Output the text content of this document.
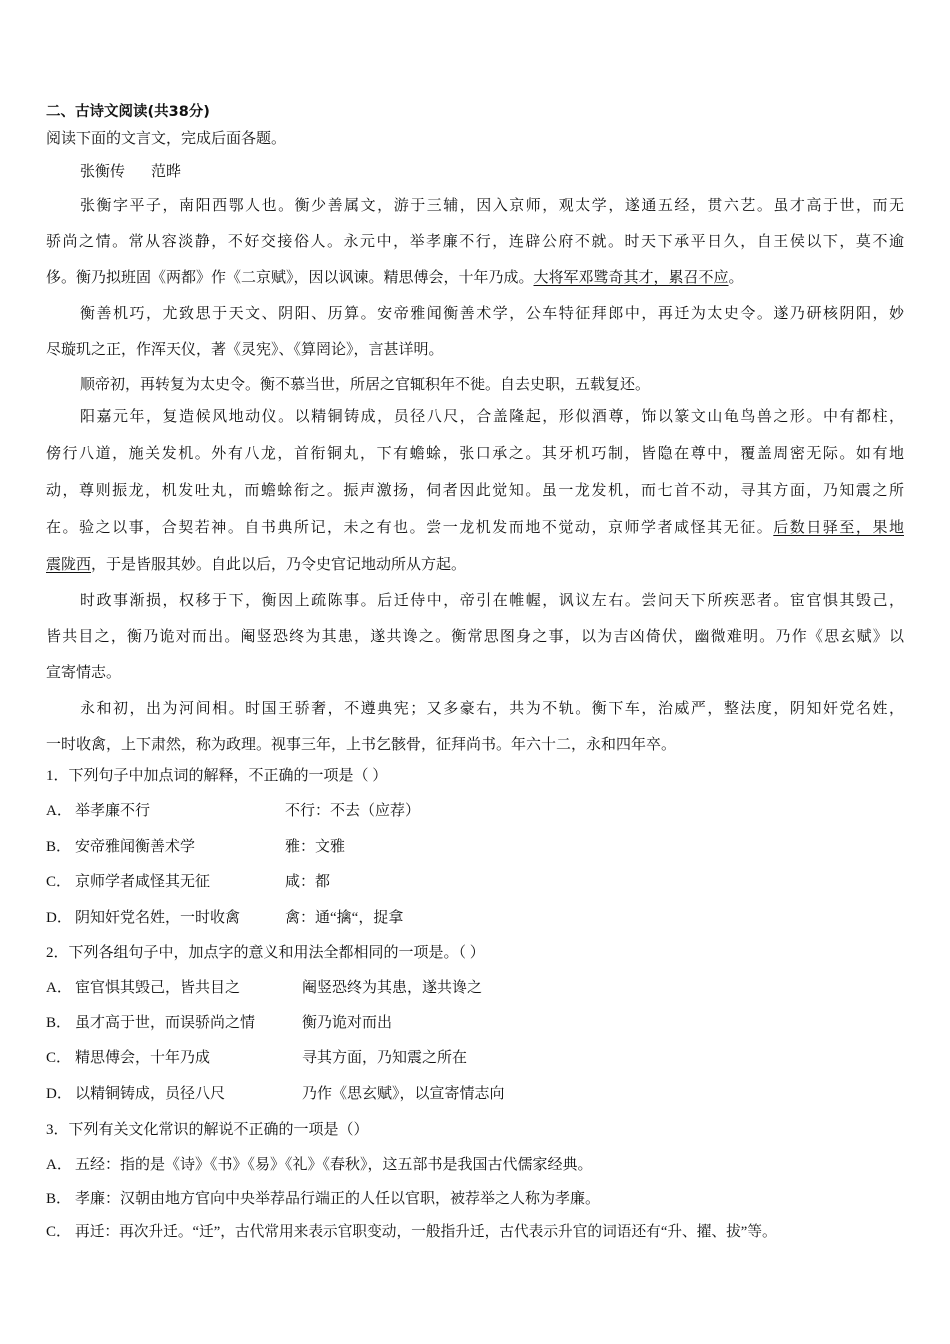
二、古诗文阅读(共38分)
阅读下面的文言文，完成后面各题。
张衡传 范晔
张衡字平子，南阳西鄂人也。衡少善属文，游于三辅，因入京师，观太学，遂通五经，贯六艺。虽才高于世，而无
骄尚之情。常从容淡静，不好交接俗人。永元中，举孝廉不行，连辟公府不就。时天下承平日久，自王侯以下，莫不逾
侈。衡乃拟班固《两都》作《二京赋》，因以讽谏。精思傅会，十年乃成。大将军邓骘奇其才，累召不应。
衡善机巧，尤致思于天文、阴阳、历算。安帝雅闻衡善术学，公车特征拜郎中，再迁为太史令。遂乃研核阴阳，妙
尽璇玑之正，作浑天仪，著《灵宪》、《算罔论》，言甚详明。
顺帝初，再转复为太史令。衡不慕当世，所居之官辄积年不徙。自去史职，五载复还。
阳嘉元年，复造候风地动仪。以精铜铸成，员径八尺，合盖隆起，形似酒尊，饰以篆文山龟鸟兽之形。中有都柱，
傍行八道，施关发机。外有八龙，首衔铜丸，下有蟾蜍，张口承之。其牙机巧制，皆隐在尊中，覆盖周密无际。如有地
动，尊则振龙，机发吐丸，而蟾蜍衔之。振声激扬，伺者因此觉知。虽一龙发机，而七首不动，寻其方面，乃知震之所
在。验之以事，合契若神。自书典所记，未之有也。尝一龙机发而地不觉动，京师学者咸怪其无征。后数日驿至，果地
震陇西，于是皆服其妙。自此以后，乃令史官记地动所从方起。
时政事渐损，权移于下，衡因上疏陈事。后迁侍中，帝引在帷幄，讽议左右。尝问天下所疾恶者。宦官惧其毁己，
皆共目之，衡乃诡对而出。阉竖恐终为其患，遂共谗之。衡常思图身之事，以为吉凶倚伏，幽微难明。乃作《思玄赋》以
宣寄情志。
永和初，出为河间相。时国王骄奢，不遵典宪；又多豪右，共为不轨。衡下车，治威严，整法度，阴知奸党名姓，
一时收禽，上下肃然，称为政理。视事三年，上书乞骸骨，征拜尚书。年六十二，永和四年卒。
1．下列句子中加点词的解释，不正确的一项是（ ）
A． 举孝廉不行	不行：不去（应荐）
B． 安帝雅闻衡善术学	雅：文雅
C． 京师学者咸怪其无征	咸：都
D． 阴知奸党名姓，一时收禽	禽：通“擒“，捉拿
2．下列各组句子中，加点字的意义和用法全都相同的一项是。（ ）
A． 宦官惧其毁己，皆共目之	阉竖恐终为其患，遂共谗之
B． 虽才高于世，而误骄尚之情	衡乃诡对而出
C． 精思傅会，十年乃成	寻其方面，乃知震之所在
D． 以精铜铸成，员径八尺	乃作《思玄赋》，以宣寄情志向
3．下列有关文化常识的解说不正确的一项是（）
A． 五经：指的是《诗》《书》《易》《礼》《春秋》，这五部书是我国古代儒家经典。
B． 孝廉：汉朝由地方官向中央举荐品行端正的人任以官职，被荐举之人称为孝廉。
C． 再迁：再次升迁。“迁”，古代常用来表示官职变动，一般指升迁，古代表示升官的词语还有“升、擢、拔”等。
